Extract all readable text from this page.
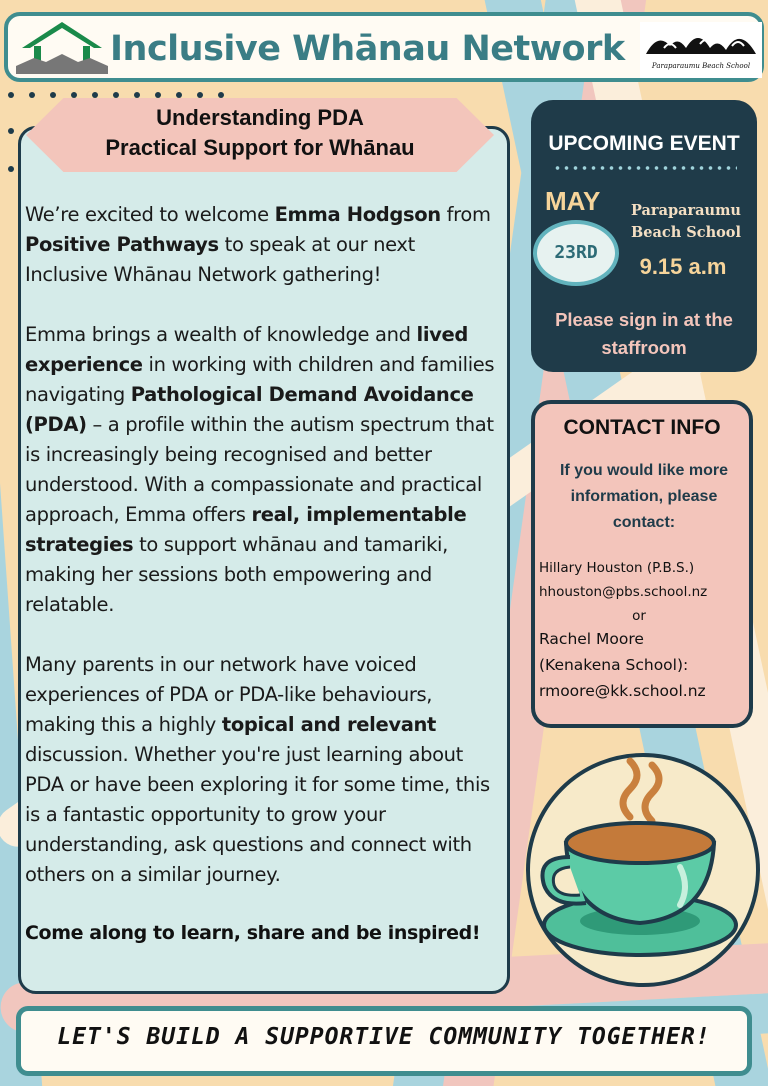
Inclusive Whānau Network	Paraparaumu Beach School
Understanding PDA
Practical Support for Whānau

We’re excited to welcome Emma Hodgson from Positive Pathways to speak at our next Inclusive Whānau Network gathering!

Emma brings a wealth of knowledge and lived experience in working with children and families navigating Pathological Demand Avoidance (PDA) – a profile within the autism spectrum that is increasingly being recognised and better understood. With a compassionate and practical approach, Emma offers real, implementable strategies to support whānau and tamariki, making her sessions both empowering and relatable.

Many parents in our network have voiced experiences of PDA or PDA-like behaviours, making this a highly topical and relevant discussion. Whether you're just learning about PDA or have been exploring it for some time, this is a fantastic opportunity to grow your understanding, ask questions and connect with others on a similar journey.

Come along to learn, share and be inspired!
UPCOMING EVENT
MAY
23RD
Paraparaumu Beach School
9.15 a.m
Please sign in at the staffroom
CONTACT INFO
If you would like more information, please contact:
Hillary Houston (P.B.S.)
hhouston@pbs.school.nz
or
Rachel Moore
(Kenakena School):
rmoore@kk.school.nz
LET'S BUILD A SUPPORTIVE COMMUNITY TOGETHER!
